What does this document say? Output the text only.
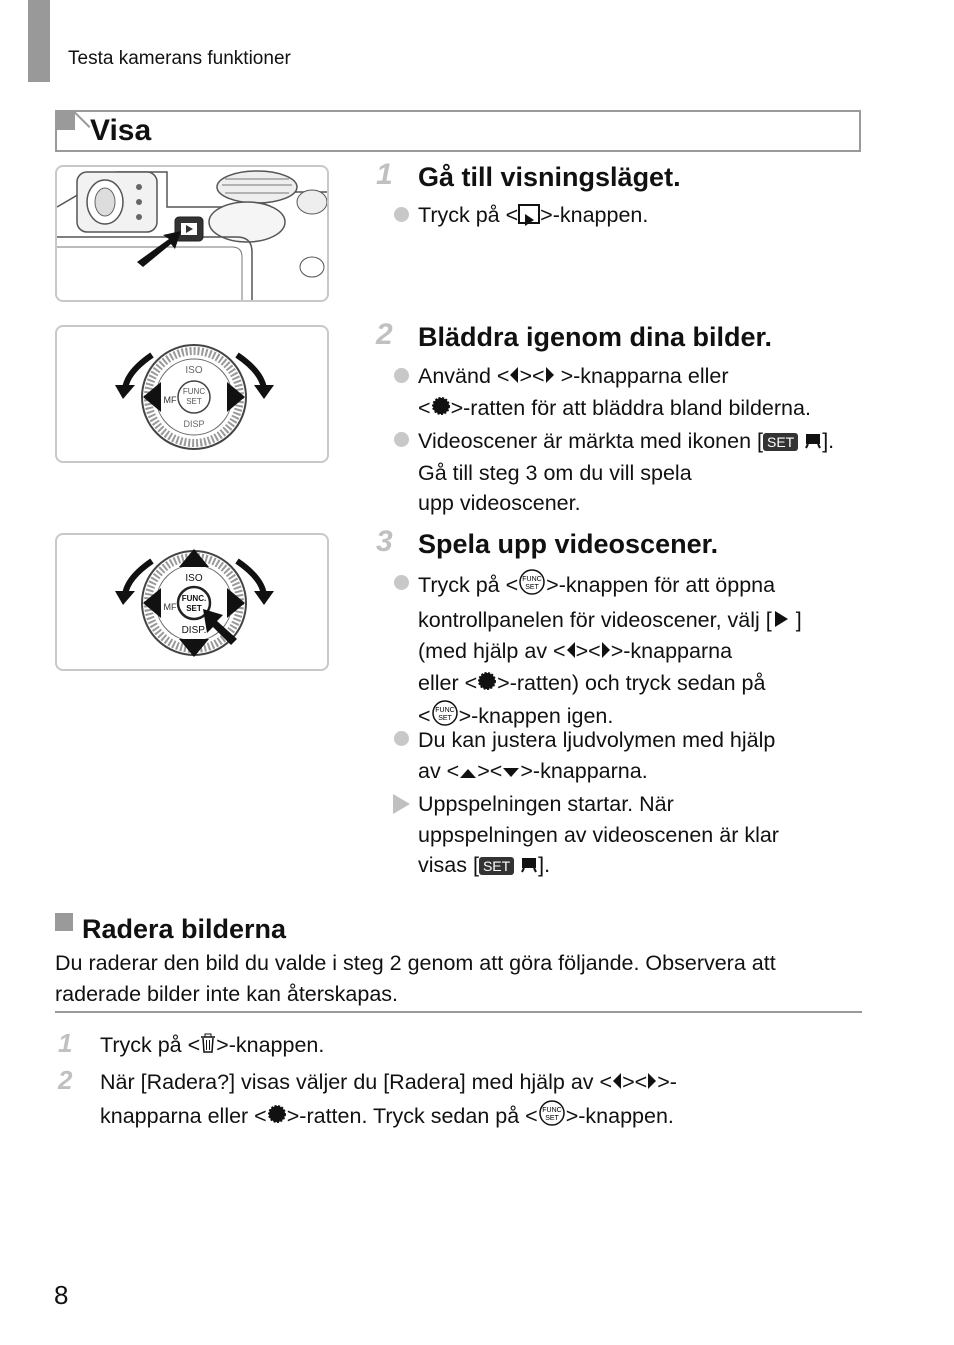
Testa kamerans funktioner
Visa
FUNC
SET
ISO
DISP
MF
FUNC.
SET
ISO
DISP.
MF
1 Gå till visningsläget.
Tryck på < >-knappen.
2 Bläddra igenom dina bilder.
Använd < >< >-knapparna eller
< >-ratten för att bläddra bland bilderna.
Videoscener är märkta med ikonen [ SET ].
Gå till steg 3 om du vill spela
upp videoscener.
3 Spela upp videoscener.
Tryck på < FUNC
SET >-knappen för att öppna
kontrollpanelen för videoscener, välj [ ]
(med hjälp av < >< >-knapparna
eller < >-ratten) och tryck sedan på
< FUNC
SET >-knappen igen.
Du kan justera ljudvolymen med hjälp
av < >< >-knapparna.
Uppspelningen startar. När
uppspelningen av videoscenen är klar
visas [ SET ].
Radera bilderna
Du raderar den bild du valde i steg 2 genom att göra följande. Observera att
raderade bilder inte kan återskapas.
1 Tryck på < >-knappen.
2 När [Radera?] visas väljer du [Radera] med hjälp av < >< >-
knapparna eller < >-ratten. Tryck sedan på < FUNC
SET >-knappen.
8
